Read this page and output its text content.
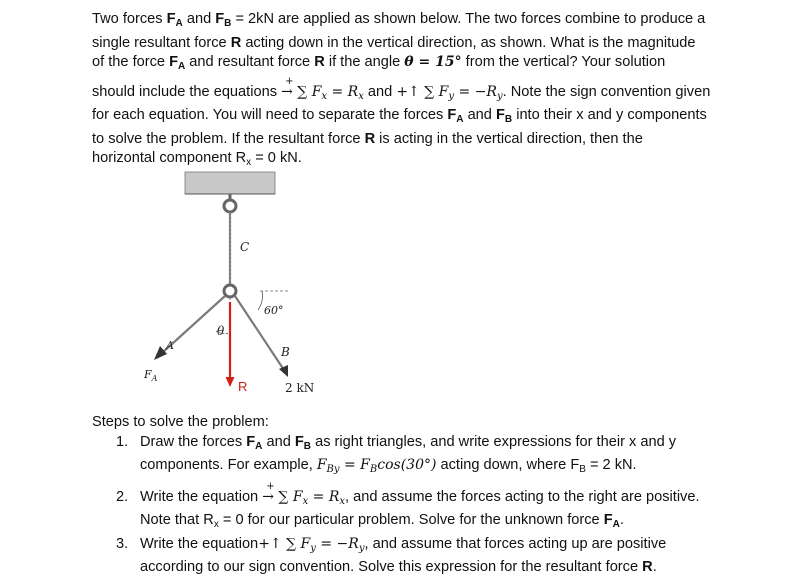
Two forces $F_A$ and $F_B = 2kN$ are applied as shown below. The two forces combine to produce a
single resultant force R acting down in the vertical direction, as shown. What is the magnitude
of the force $F_A$ and resultant force R if the angle θ = 15° from the vertical? Your solution
should include the equations
+
→ ∑ $F_x = R_x$ and +↑ ∑ $F_y = -R_y$. Note the sign convention given
for each equation. You will need to separate the forces $F_A$ and $F_B$ into their x and y components
to solve the problem. If the resultant force R is acting in the vertical direction, then the
horizontal component $R_x = 0$ kN.
C
A
$F_A$
B
2 kN
θ
60°
R
Steps to solve the problem:
1. Draw the forces $F_A$ and $F_B$ as right triangles, and write expressions for their x and y
components. For example, $F_{By} = F_B\cos(30^\circ)$ acting down, where $F_B = 2$ kN.
2. Write the equation
+
→ ∑ $F_x = R_x$, and assume the forces acting to the right are positive.
Note that $R_x = 0$ for our particular problem. Solve for the unknown force $F_A$.
3. Write the equation+↑ ∑ $F_y = -R_y$, and assume that forces acting up are positive
according to our sign convention. Solve this expression for the resultant force R.
